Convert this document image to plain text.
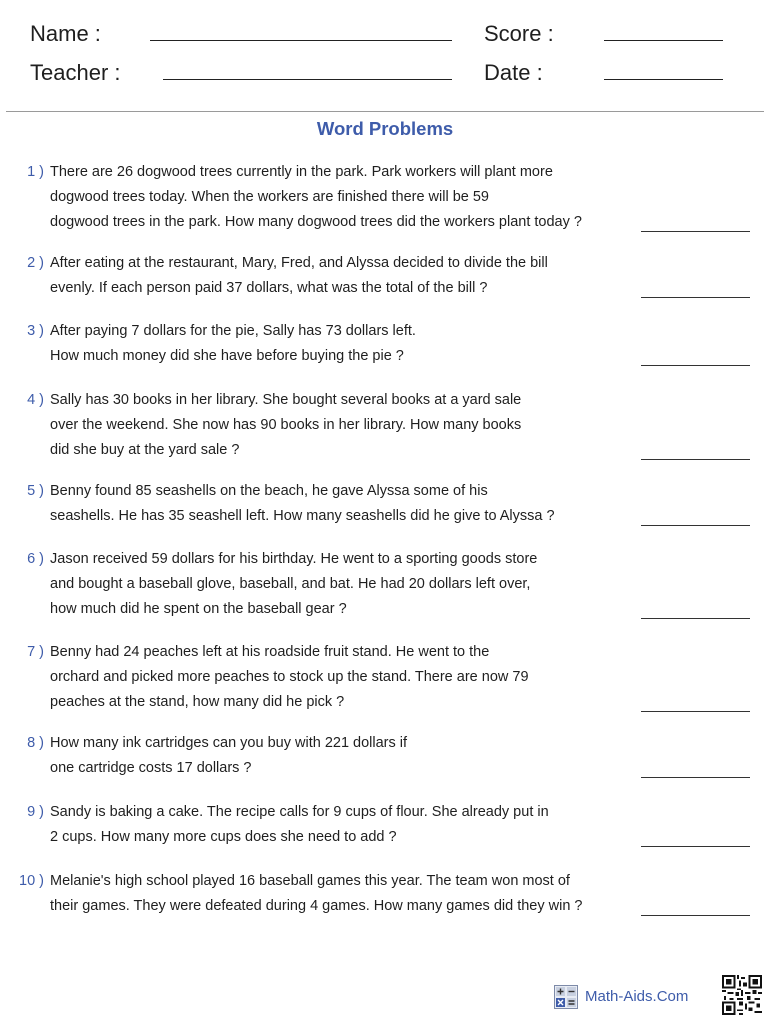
Name :	Score :
Teacher :	Date :
Word Problems
1 ) There are 26 dogwood trees currently in the park. Park workers will plant more
dogwood trees today. When the workers are finished there will be 59
dogwood trees in the park. How many dogwood trees did the workers plant today ?
2 ) After eating at the restaurant, Mary, Fred, and Alyssa decided to divide the bill
evenly. If each person paid 37 dollars, what was the total of the bill ?
3 ) After paying 7 dollars for the pie, Sally has 73 dollars left.
How much money did she have before buying the pie ?
4 ) Sally has 30 books in her library. She bought several books at a yard sale
over the weekend. She now has 90 books in her library. How many books
did she buy at the yard sale ?
5 ) Benny found 85 seashells on the beach, he gave Alyssa some of his
seashells. He has 35 seashell left. How many seashells did he give to Alyssa ?
6 ) Jason received 59 dollars for his birthday. He went to a sporting goods store
and bought a baseball glove, baseball, and bat. He had 20 dollars left over,
how much did he spent on the baseball gear ?
7 ) Benny had 24 peaches left at his roadside fruit stand. He went to the
orchard and picked more peaches to stock up the stand. There are now 79
peaches at the stand, how many did he pick ?
8 ) How many ink cartridges can you buy with 221 dollars if
one cartridge costs 17 dollars ?
9 ) Sandy is baking a cake. The recipe calls for 9 cups of flour. She already put in
2 cups. How many more cups does she need to add ?
10 ) Melanie's high school played 16 baseball games this year. The team won most of
their games. They were defeated during 4 games. How many games did they win ?
Math-Aids.Com
